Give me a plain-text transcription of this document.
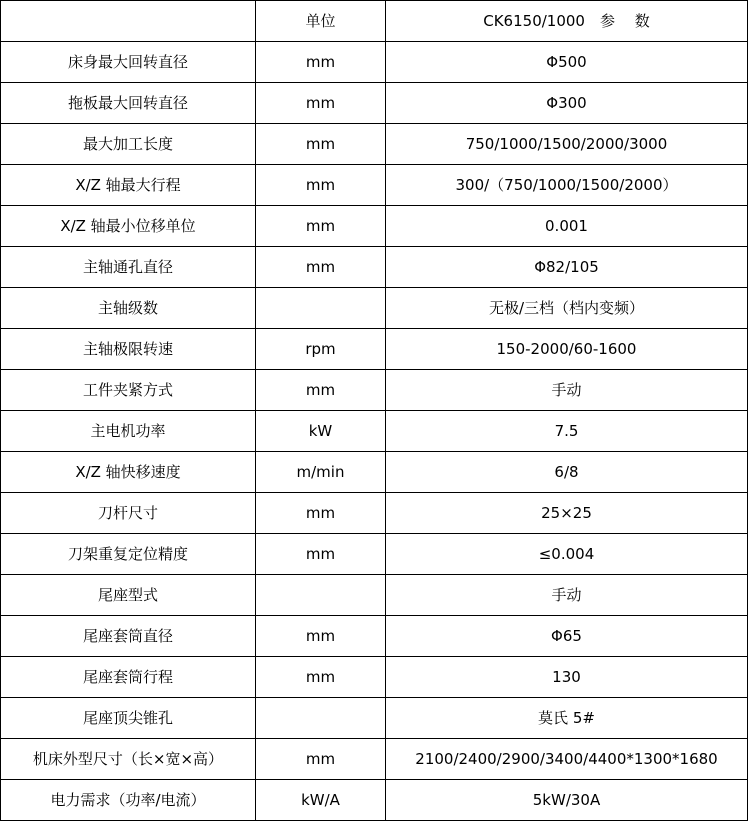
	单位	CK6150/1000　参　 数
床身最大回转直径	mm	Φ500
拖板最大回转直径	mm	Φ300
最大加工长度	mm	750/1000/1500/2000/3000
X/Z 轴最大行程	mm	300/（750/1000/1500/2000）
X/Z 轴最小位移单位	mm	0.001
主轴通孔直径	mm	Φ82/105
主轴级数		无极/三档（档内变频）
主轴极限转速	rpm	150-2000/60-1600
工件夹紧方式	mm	手动
主电机功率	kW	7.5
X/Z 轴快移速度	m/min	6/8
刀杆尺寸	mm	25×25
刀架重复定位精度	mm	≤0.004
尾座型式		手动
尾座套筒直径	mm	Φ65
尾座套筒行程	mm	130
尾座顶尖锥孔		莫氏 5#
机床外型尺寸（长×宽×高）	mm	2100/2400/2900/3400/4400*1300*1680
电力需求（功率/电流）	kW/A	5kW/30A
